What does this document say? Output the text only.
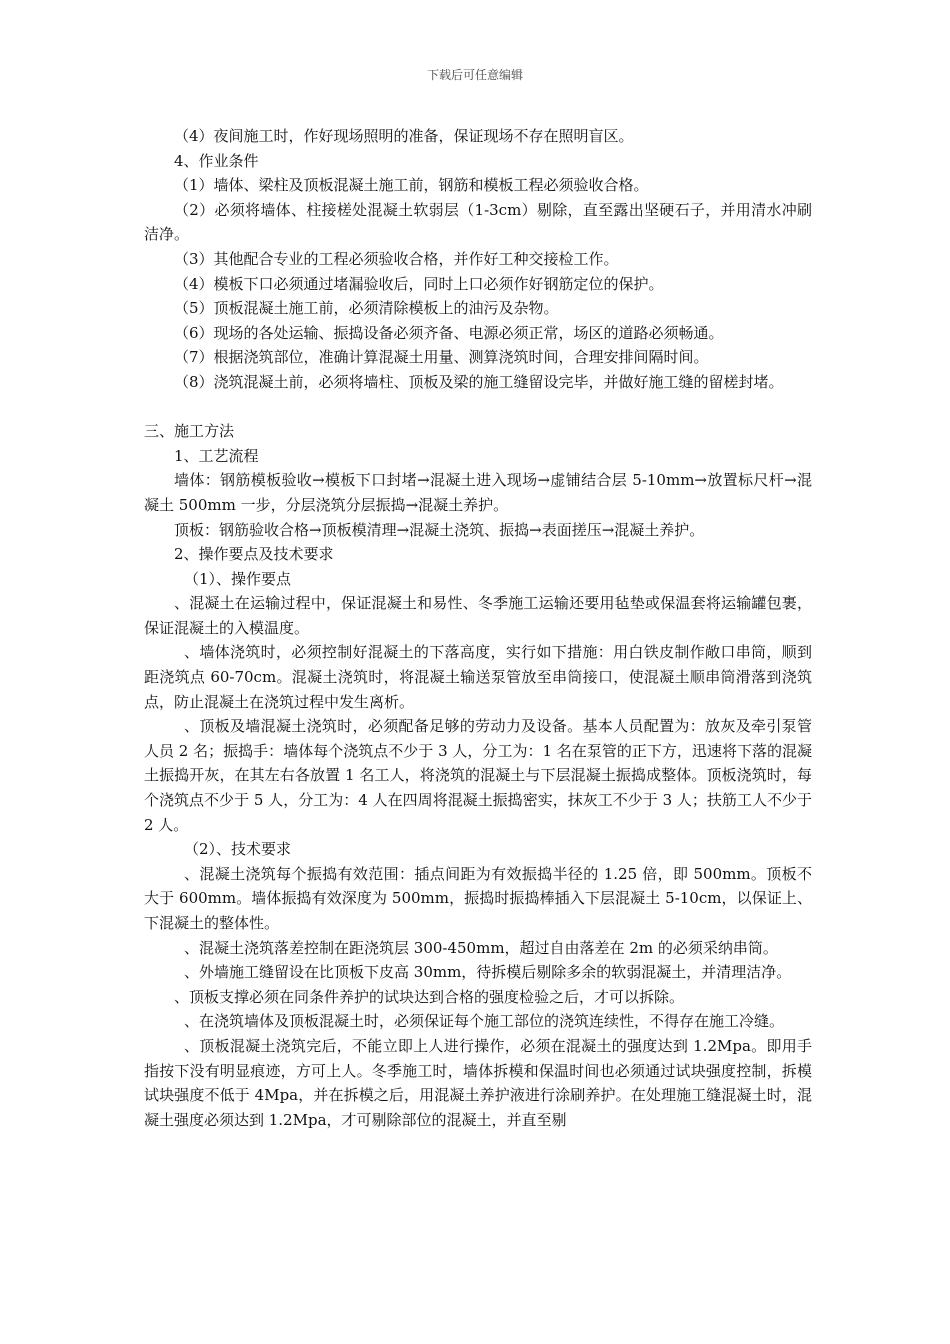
下载后可任意编辑

（4）夜间施工时，作好现场照明的准备，保证现场不存在照明盲区。

4、作业条件

（1）墙体、梁柱及顶板混凝土施工前，钢筋和模板工程必须验收合格。

（2）必须将墙体、柱接槎处混凝土软弱层（1-3cm）剔除，直至露出坚硬石子，并用清水冲刷洁净。

（3）其他配合专业的工程必须验收合格，并作好工种交接检工作。

（4）模板下口必须通过堵漏验收后，同时上口必须作好钢筋定位的保护。

（5）顶板混凝土施工前，必须清除模板上的油污及杂物。

（6）现场的各处运输、振捣设备必须齐备、电源必须正常，场区的道路必须畅通。

（7）根据浇筑部位，准确计算混凝土用量、测算浇筑时间，合理安排间隔时间。

（8）浇筑混凝土前，必须将墙柱、顶板及梁的施工缝留设完毕，并做好施工缝的留槎封堵。

三、施工方法

1、工艺流程

墙体：钢筋模板验收→模板下口封堵→混凝土进入现场→虚铺结合层 5-10mm→放置标尺杆→混凝土 500mm 一步，分层浇筑分层振捣→混凝土养护。

顶板：钢筋验收合格→顶板模清理→混凝土浇筑、振捣→表面搓压→混凝土养护。

2、操作要点及技术要求

（1）、操作要点

、混凝土在运输过程中，保证混凝土和易性、冬季施工运输还要用毡垫或保温套将运输罐包裹，保证混凝土的入模温度。

、墙体浇筑时，必须控制好混凝土的下落高度，实行如下措施：用白铁皮制作敞口串筒，顺到距浇筑点 60-70cm。混凝土浇筑时，将混凝土输送泵管放至串筒接口，使混凝土顺串筒滑落到浇筑点，防止混凝土在浇筑过程中发生离析。

、顶板及墙混凝土浇筑时，必须配备足够的劳动力及设备。基本人员配置为：放灰及牵引泵管人员 2 名；振捣手：墙体每个浇筑点不少于 3 人，分工为：1 名在泵管的正下方，迅速将下落的混凝土振捣开灰，在其左右各放置 1 名工人，将浇筑的混凝土与下层混凝土振捣成整体。顶板浇筑时，每个浇筑点不少于 5 人，分工为：4 人在四周将混凝土振捣密实，抹灰工不少于 3 人；扶筋工人不少于 2 人。

（2）、技术要求

、混凝土浇筑每个振捣有效范围：插点间距为有效振捣半径的 1.25 倍，即 500mm。顶板不大于 600mm。墙体振捣有效深度为 500mm，振捣时振捣棒插入下层混凝土 5-10cm，以保证上、下混凝土的整体性。

、混凝土浇筑落差控制在距浇筑层 300-450mm，超过自由落差在 2m 的必须采纳串筒。

、外墙施工缝留设在比顶板下皮高 30mm，待拆模后剔除多余的软弱混凝土，并清理洁净。

、顶板支撑必须在同条件养护的试块达到合格的强度检验之后，才可以拆除。

、在浇筑墙体及顶板混凝土时，必须保证每个施工部位的浇筑连续性，不得存在施工冷缝。

、顶板混凝土浇筑完后，不能立即上人进行操作，必须在混凝土的强度达到 1.2Mpa。即用手指按下没有明显痕迹，方可上人。冬季施工时，墙体拆模和保温时间也必须通过试块强度控制，拆模试块强度不低于 4Mpa，并在拆模之后，用混凝土养护液进行涂刷养护。在处理施工缝混凝土时，混凝土强度必须达到 1.2Mpa，才可剔除部位的混凝土，并直至剔
